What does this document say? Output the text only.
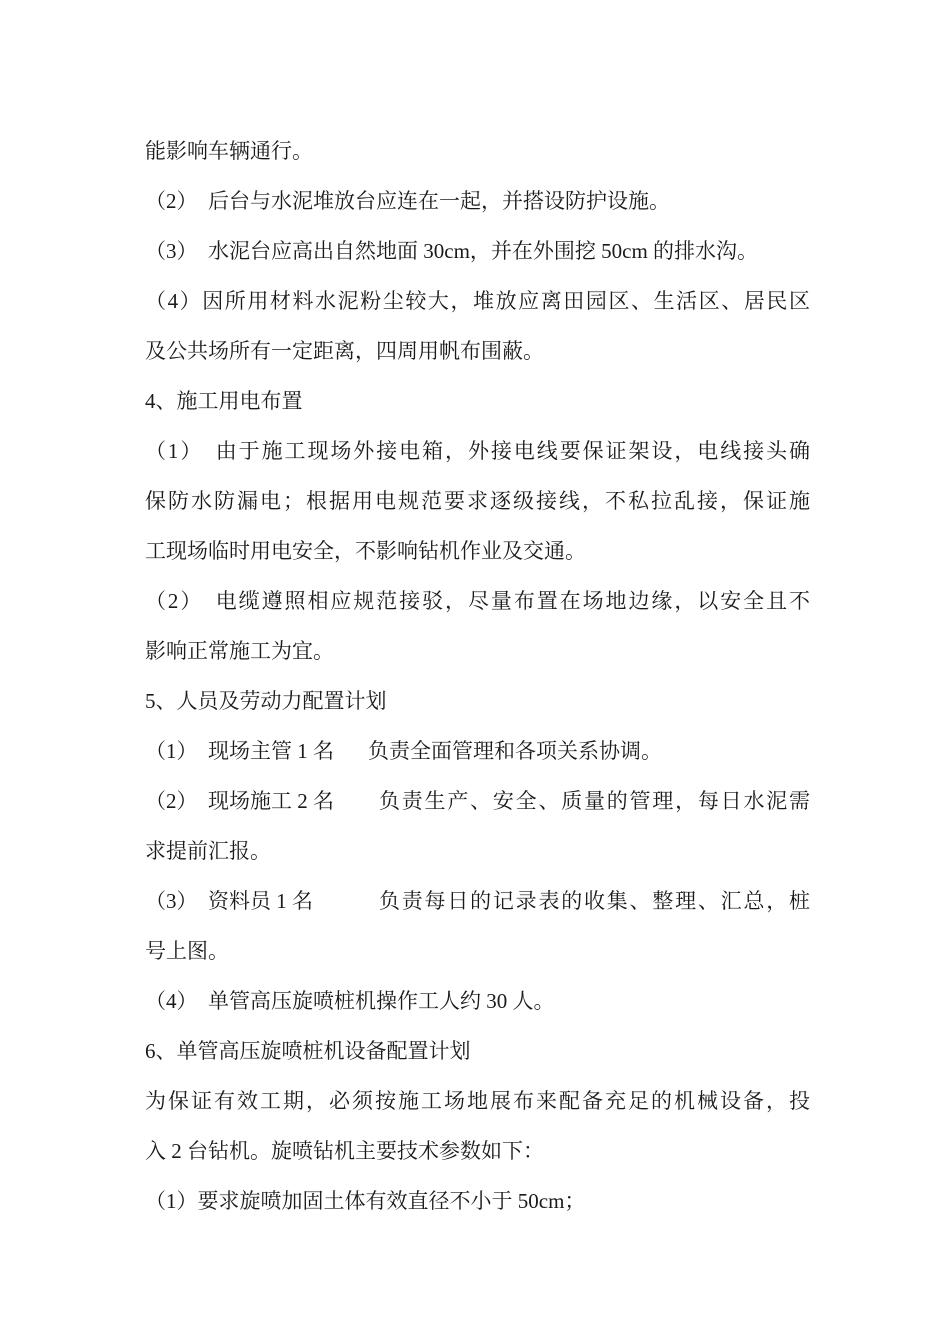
能影响车辆通行。
（2）　后台与水泥堆放台应连在一起，并搭设防护设施。
（3）　水泥台应高出自然地面 30cm，并在外围挖 50cm 的排水沟。
（4）因所用材料水泥粉尘较大，堆放应离田园区、生活区、居民区
及公共场所有一定距离，四周用帆布围蔽。
4、施工用电布置
（1）　由于施工现场外接电箱，外接电线要保证架设，电线接头确
保防水防漏电；根据用电规范要求逐级接线，不私拉乱接，保证施
工现场临时用电安全，不影响钻机作业及交通。
（2）　电缆遵照相应规范接驳，尽量布置在场地边缘，以安全且不
影响正常施工为宜。
5、人员及劳动力配置计划
（1）　现场主管 1 名 负责全面管理和各项关系协调。
（2）　现场施工 2 名 负责生产、安全、质量的管理，每日水泥需
求提前汇报。
（3）　资料员 1 名	负责每日的记录表的收集、整理、汇总，桩
号上图。
（4）　单管高压旋喷桩机操作工人约 30 人。
6、单管高压旋喷桩机设备配置计划
为保证有效工期，必须按施工场地展布来配备充足的机械设备，投
入 2 台钻机。旋喷钻机主要技术参数如下：
（1）要求旋喷加固土体有效直径不小于 50cm；
